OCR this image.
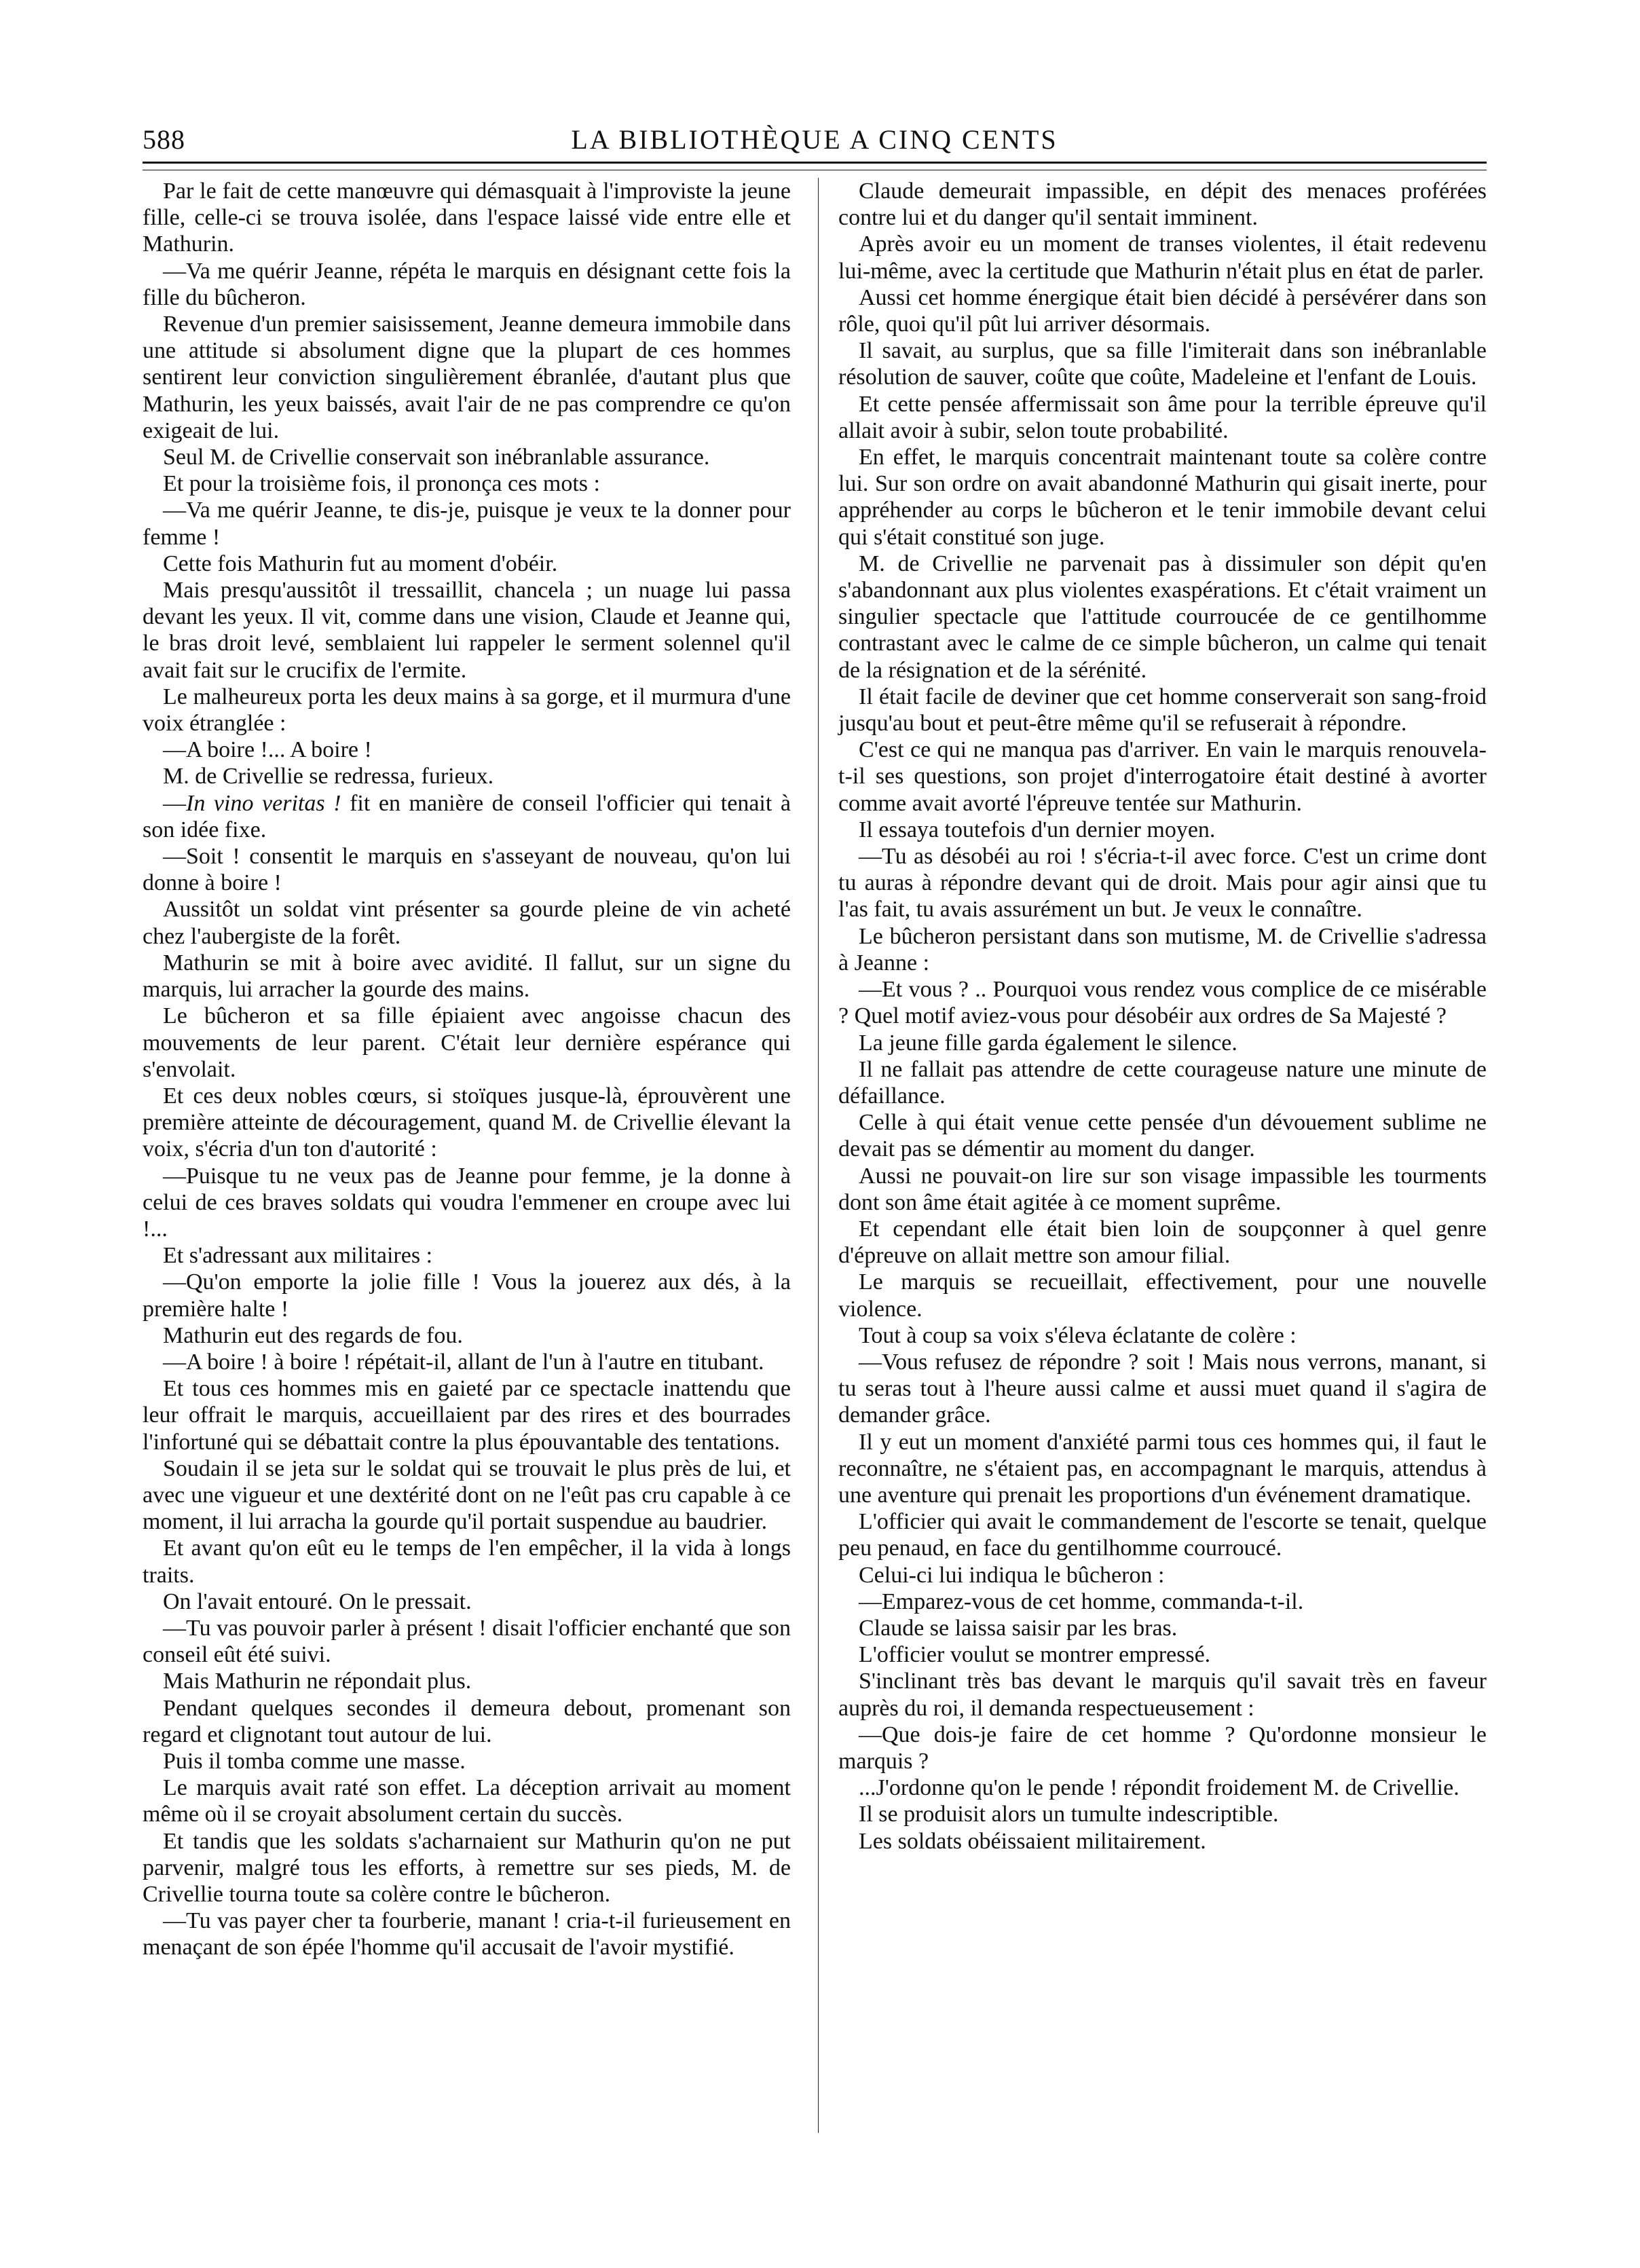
588	LA BIBLIOTHÈQUE A CINQ CENTS

Par le fait de cette manœuvre qui démasquait à l'improviste la jeune fille, celle-ci se trouva isolée, dans l'espace laissé vide entre elle et Mathurin.

—Va me quérir Jeanne, répéta le marquis en désignant cette fois la fille du bûcheron.

Revenue d'un premier saisissement, Jeanne demeura immobile dans une attitude si absolument digne que la plupart de ces hommes sentirent leur conviction singulièrement ébranlée, d'autant plus que Mathurin, les yeux baissés, avait l'air de ne pas comprendre ce qu'on exigeait de lui.

Seul M. de Crivellie conservait son inébranlable assurance.

Et pour la troisième fois, il prononça ces mots :

—Va me quérir Jeanne, te dis-je, puisque je veux te la donner pour femme !

Cette fois Mathurin fut au moment d'obéir.

Mais presqu'aussitôt il tressaillit, chancela ; un nuage lui passa devant les yeux. Il vit, comme dans une vision, Claude et Jeanne qui, le bras droit levé, semblaient lui rappeler le serment solennel qu'il avait fait sur le crucifix de l'ermite.

Le malheureux porta les deux mains à sa gorge, et il murmura d'une voix étranglée :

—A boire !... A boire !

M. de Crivellie se redressa, furieux.

—In vino veritas ! fit en manière de conseil l'officier qui tenait à son idée fixe.

—Soit ! consentit le marquis en s'asseyant de nouveau, qu'on lui donne à boire !

Aussitôt un soldat vint présenter sa gourde pleine de vin acheté chez l'aubergiste de la forêt.

Mathurin se mit à boire avec avidité. Il fallut, sur un signe du marquis, lui arracher la gourde des mains.

Le bûcheron et sa fille épiaient avec angoisse chacun des mouvements de leur parent. C'était leur dernière espérance qui s'envolait.

Et ces deux nobles cœurs, si stoïques jusque-là, éprouvèrent une première atteinte de découragement, quand M. de Crivellie élevant la voix, s'écria d'un ton d'autorité :

—Puisque tu ne veux pas de Jeanne pour femme, je la donne à celui de ces braves soldats qui voudra l'emmener en croupe avec lui !...

Et s'adressant aux militaires :

—Qu'on emporte la jolie fille ! Vous la jouerez aux dés, à la première halte !

Mathurin eut des regards de fou.

—A boire ! à boire ! répétait-il, allant de l'un à l'autre en titubant.

Et tous ces hommes mis en gaieté par ce spectacle inattendu que leur offrait le marquis, accueillaient par des rires et des bourrades l'infortuné qui se débattait contre la plus épouvantable des tentations.

Soudain il se jeta sur le soldat qui se trouvait le plus près de lui, et avec une vigueur et une dextérité dont on ne l'eût pas cru capable à ce moment, il lui arracha la gourde qu'il portait suspendue au baudrier.

Et avant qu'on eût eu le temps de l'en empêcher, il la vida à longs traits.

On l'avait entouré. On le pressait.

—Tu vas pouvoir parler à présent ! disait l'officier enchanté que son conseil eût été suivi.

Mais Mathurin ne répondait plus.

Pendant quelques secondes il demeura debout, promenant son regard et clignotant tout autour de lui.

Puis il tomba comme une masse.

Le marquis avait raté son effet. La déception arrivait au moment même où il se croyait absolument certain du succès.

Et tandis que les soldats s'acharnaient sur Mathurin qu'on ne put parvenir, malgré tous les efforts, à remettre sur ses pieds, M. de Crivellie tourna toute sa colère contre le bûcheron.

—Tu vas payer cher ta fourberie, manant ! cria-t-il furieusement en menaçant de son épée l'homme qu'il accusait de l'avoir mystifié.

Claude demeurait impassible, en dépit des menaces proférées contre lui et du danger qu'il sentait imminent.

Après avoir eu un moment de transes violentes, il était redevenu lui-même, avec la certitude que Mathurin n'était plus en état de parler.

Aussi cet homme énergique était bien décidé à persévérer dans son rôle, quoi qu'il pût lui arriver désormais.

Il savait, au surplus, que sa fille l'imiterait dans son inébranlable résolution de sauver, coûte que coûte, Madeleine et l'enfant de Louis.

Et cette pensée affermissait son âme pour la terrible épreuve qu'il allait avoir à subir, selon toute probabilité.

En effet, le marquis concentrait maintenant toute sa colère contre lui. Sur son ordre on avait abandonné Mathurin qui gisait inerte, pour appréhender au corps le bûcheron et le tenir immobile devant celui qui s'était constitué son juge.

M. de Crivellie ne parvenait pas à dissimuler son dépit qu'en s'abandonnant aux plus violentes exaspérations. Et c'était vraiment un singulier spectacle que l'attitude courroucée de ce gentilhomme contrastant avec le calme de ce simple bûcheron, un calme qui tenait de la résignation et de la sérénité.

Il était facile de deviner que cet homme conserverait son sang-froid jusqu'au bout et peut-être même qu'il se refuserait à répondre.

C'est ce qui ne manqua pas d'arriver. En vain le marquis renouvela-t-il ses questions, son projet d'interrogatoire était destiné à avorter comme avait avorté l'épreuve tentée sur Mathurin.

Il essaya toutefois d'un dernier moyen.

—Tu as désobéi au roi ! s'écria-t-il avec force. C'est un crime dont tu auras à répondre devant qui de droit. Mais pour agir ainsi que tu l'as fait, tu avais assurément un but. Je veux le connaître.

Le bûcheron persistant dans son mutisme, M. de Crivellie s'adressa à Jeanne :

—Et vous ? .. Pourquoi vous rendez vous complice de ce misérable ? Quel motif aviez-vous pour désobéir aux ordres de Sa Majesté ?

La jeune fille garda également le silence.

Il ne fallait pas attendre de cette courageuse nature une minute de défaillance.

Celle à qui était venue cette pensée d'un dévouement sublime ne devait pas se démentir au moment du danger.

Aussi ne pouvait-on lire sur son visage impassible les tourments dont son âme était agitée à ce moment suprême.

Et cependant elle était bien loin de soupçonner à quel genre d'épreuve on allait mettre son amour filial.

Le marquis se recueillait, effectivement, pour une nouvelle violence.

Tout à coup sa voix s'éleva éclatante de colère :

—Vous refusez de répondre ? soit ! Mais nous verrons, manant, si tu seras tout à l'heure aussi calme et aussi muet quand il s'agira de demander grâce.

Il y eut un moment d'anxiété parmi tous ces hommes qui, il faut le reconnaître, ne s'étaient pas, en accompagnant le marquis, attendus à une aventure qui prenait les proportions d'un événement dramatique.

L'officier qui avait le commandement de l'escorte se tenait, quelque peu penaud, en face du gentilhomme courroucé.

Celui-ci lui indiqua le bûcheron :

—Emparez-vous de cet homme, commanda-t-il.

Claude se laissa saisir par les bras.

L'officier voulut se montrer empressé.

S'inclinant très bas devant le marquis qu'il savait très en faveur auprès du roi, il demanda respectueusement :

—Que dois-je faire de cet homme ? Qu'ordonne monsieur le marquis ?

...J'ordonne qu'on le pende ! répondit froidement M. de Crivellie.

Il se produisit alors un tumulte indescriptible.

Les soldats obéissaient militairement.
